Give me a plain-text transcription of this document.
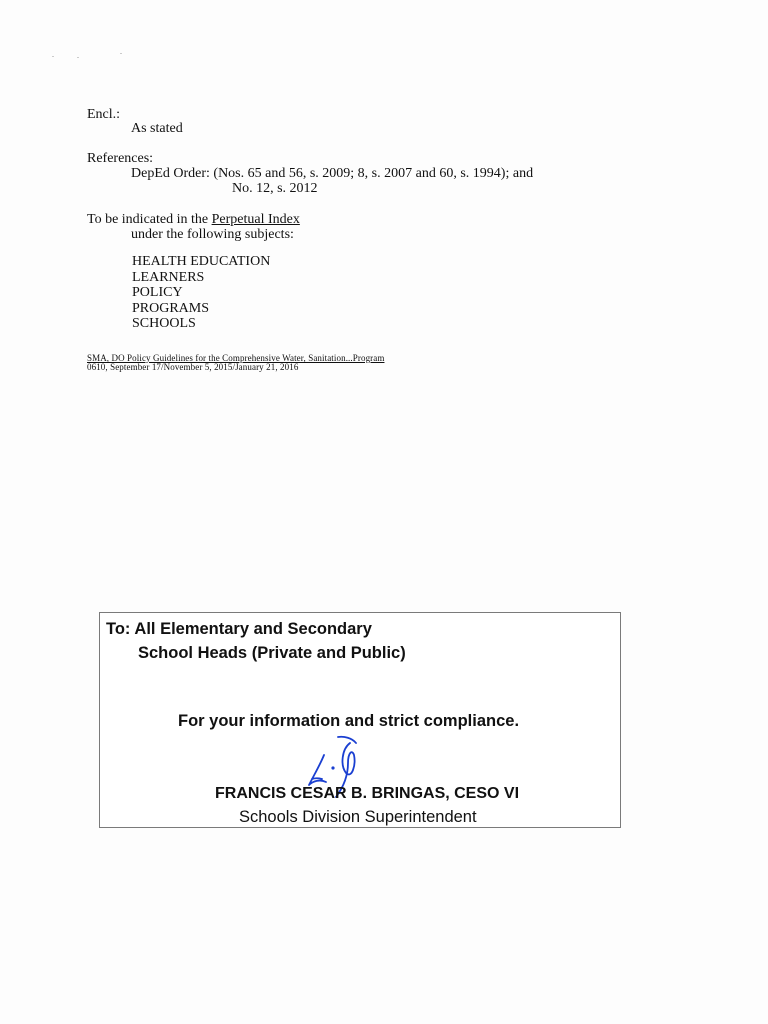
Encl.:

As stated

References:

DepEd Order: (Nos. 65 and 56, s. 2009; 8, s. 2007 and 60, s. 1994); and

No. 12, s. 2012

To be indicated in the Perpetual Index

under the following subjects:

HEALTH EDUCATION
LEARNERS
POLICY
PROGRAMS
SCHOOLS

SMA, DO Policy Guidelines for the Comprehensive Water, Sanitation...Program

0610, September 17/November 5, 2015/January 21, 2016

To: All Elementary and Secondary

School Heads (Private and Public)

For your information and strict compliance.

FRANCIS CESAR B. BRINGAS, CESO VI

Schools Division Superintendent
